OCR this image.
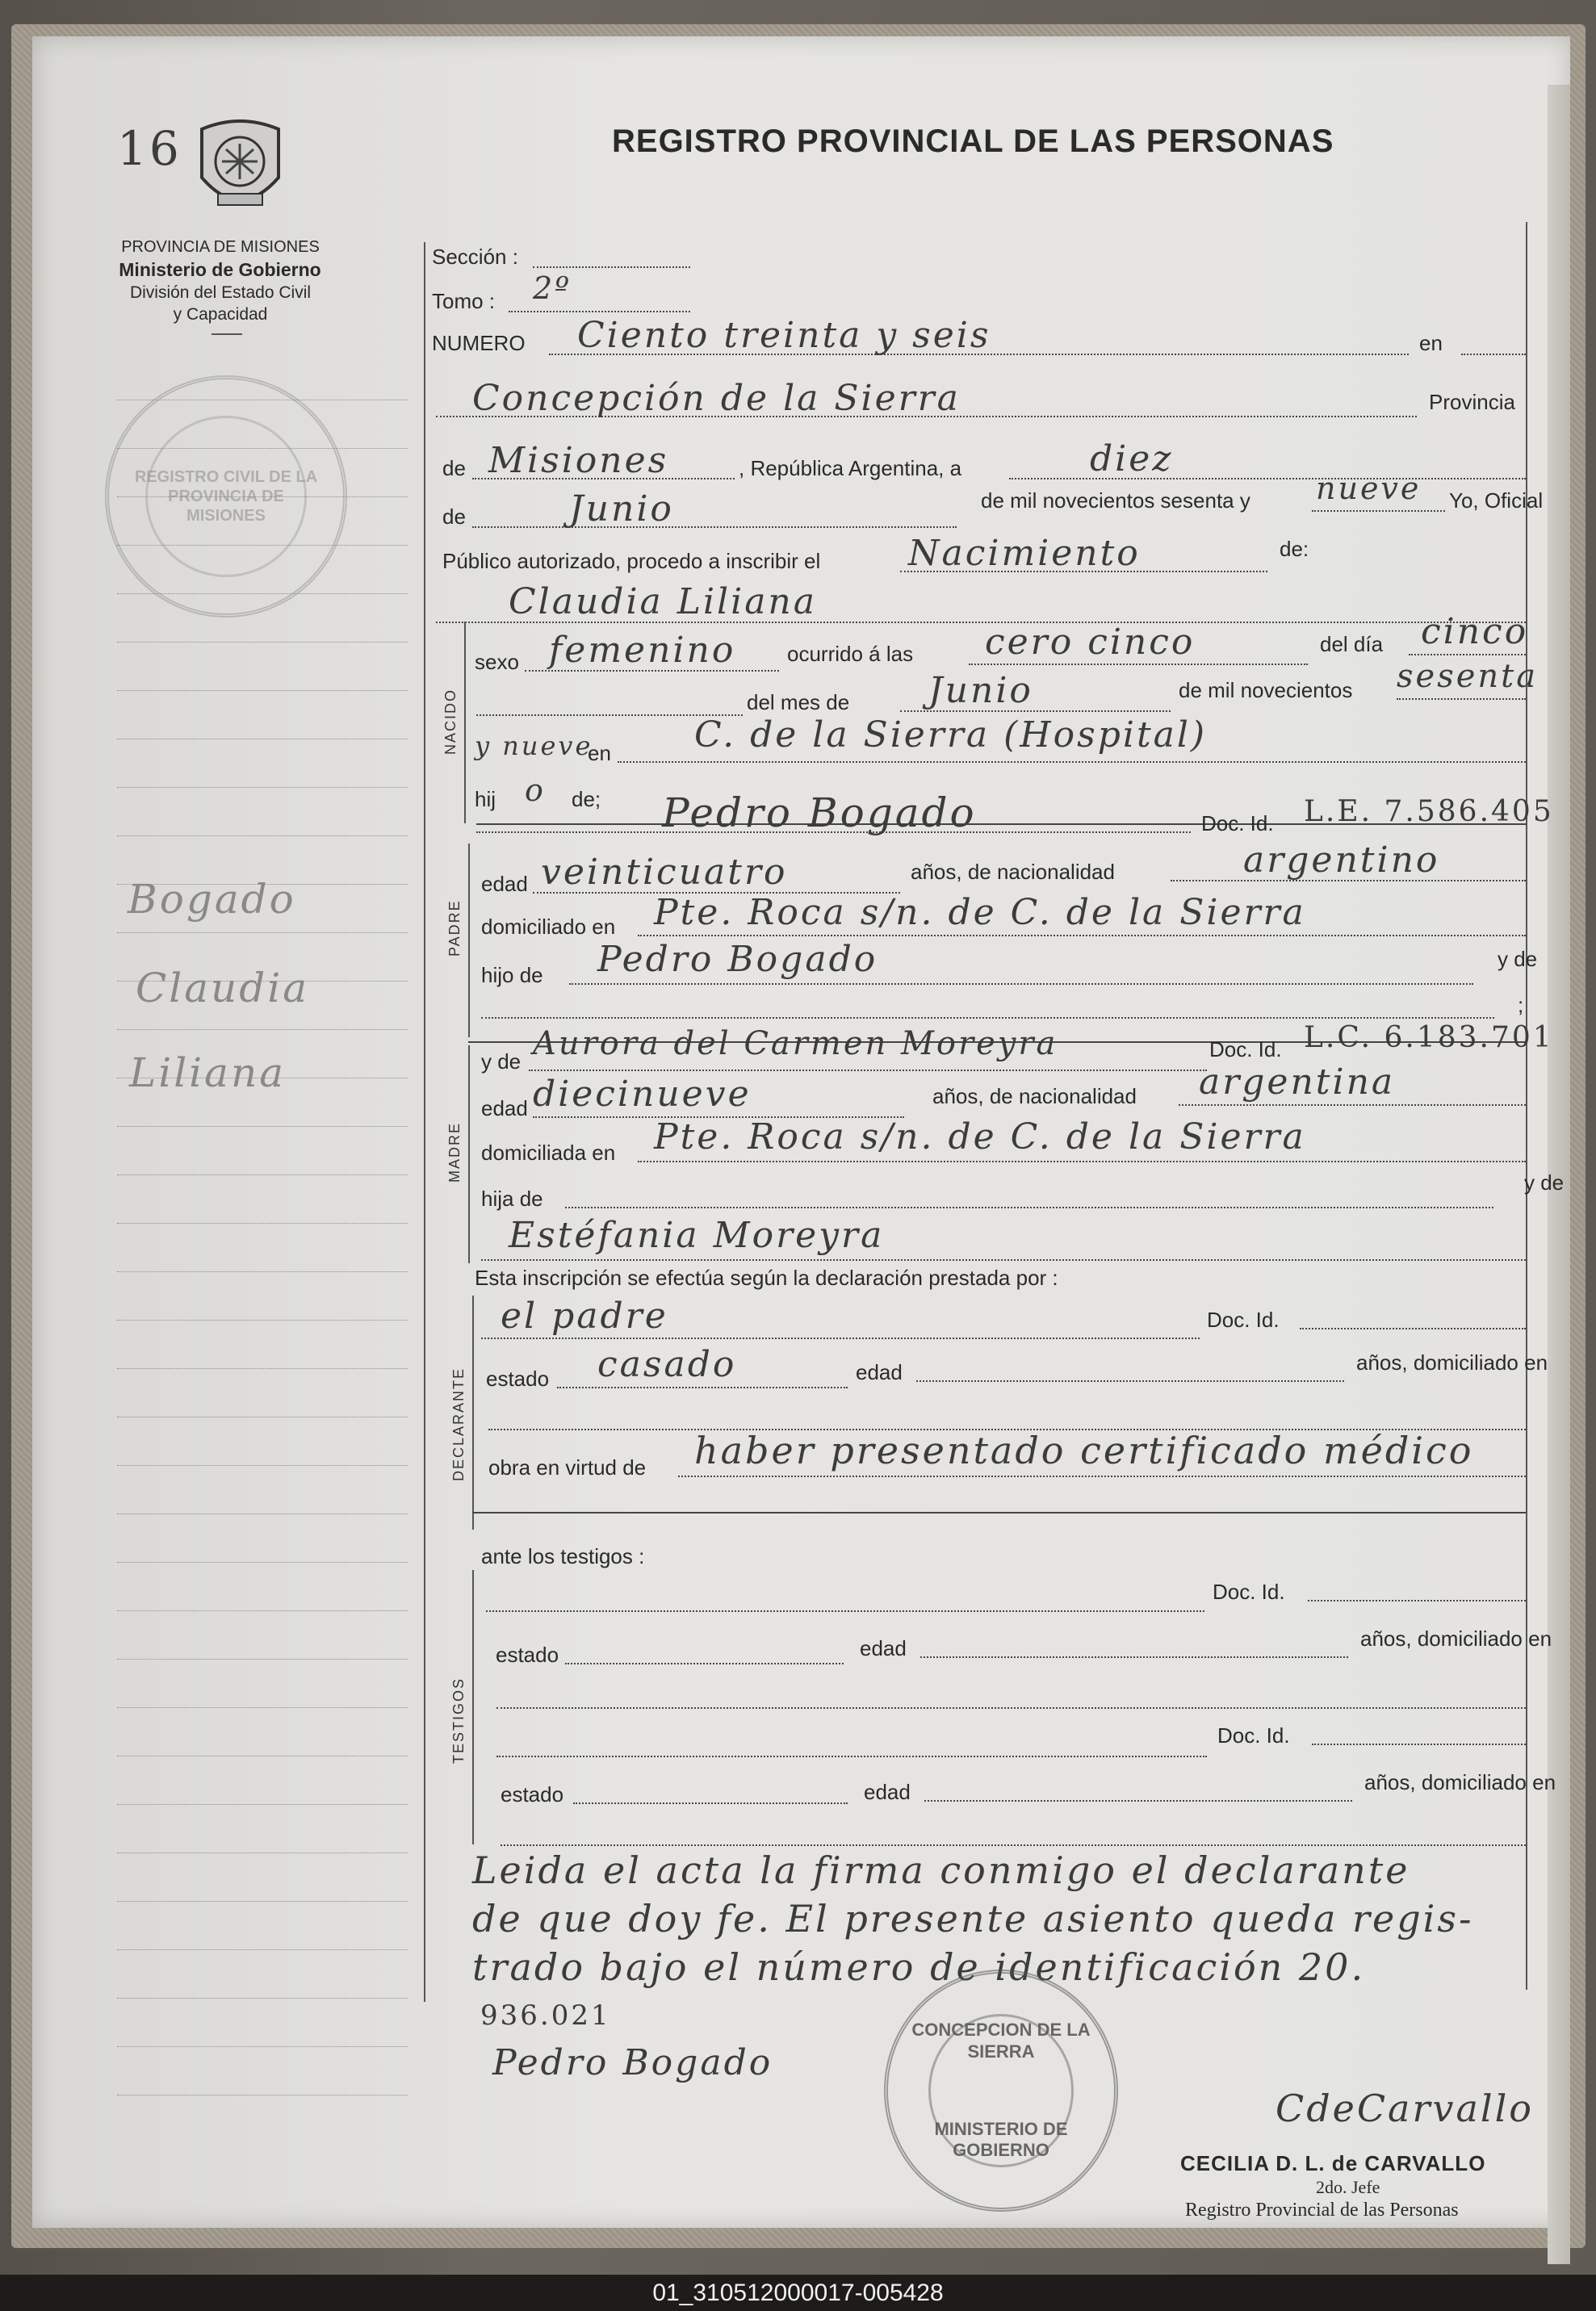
16	REGISTRO PROVINCIAL DE LAS PERSONAS
PROVINCIA DE MISIONES
Ministerio de Gobierno
División del Estado Civil
y Capacidad
REGISTRO CIVIL DE LA PROVINCIA DE MISIONES
Bogado
Claudia
Liliana
Sección :
Tomo : 2º
NUMERO Ciento treinta y seis	en
Concepción de la Sierra	Provincia
de Misiones	, República Argentina, a	diez
de	Junio	de mil novecientos sesenta y nueve Yo, Oficial
Público autorizado, procedo a inscribir el Nacimiento	de:
Claudia Liliana
NACIDO
sexo femenino ocurrido á las cero cinco	del día cinco
del mes de Junio	de mil novecientos sesenta
y nueve
en C. de la Sierra (Hospital)
hij o de;
PADRE
Pedro Bogado	Doc. Id. L.E. 7.586.405
edad veinticuatro	años, de nacionalidad	argentino
domiciliado en Pte. Roca s/n. de C. de la Sierra
hijo de Pedro Bogado	y de
;
MADRE
y de Aurora del Carmen Moreyra	Doc. Id. L.C. 6.183.701
edad diecinueve	años, de nacionalidad argentina
domiciliada en Pte. Roca s/n. de C. de la Sierra
hija de
y de
Estéfania Moreyra
Esta inscripción se efectúa según la declaración prestada por :
DECLARANTE
el padre	Doc. Id.
estado casado	edad	años, domiciliado en
obra en virtud de haber presentado certificado médico
ante los testigos :
TESTIGOS
Doc. Id.
estado	edad	años, domiciliado en
Doc. Id.
estado	edad	años, domiciliado en
Leida el acta la firma conmigo el declarante
de que doy fe. El presente asiento queda regis-
trado bajo el número de identificación 20.
936.021
Pedro Bogado
CdeCarvallo
CECILIA D. L. de CARVALLO
2do. Jefe
Registro Provincial de las Personas
CONCEPCION DE LA SIERRA
MINISTERIO DE GOBIERNO
01_310512000017-005428
